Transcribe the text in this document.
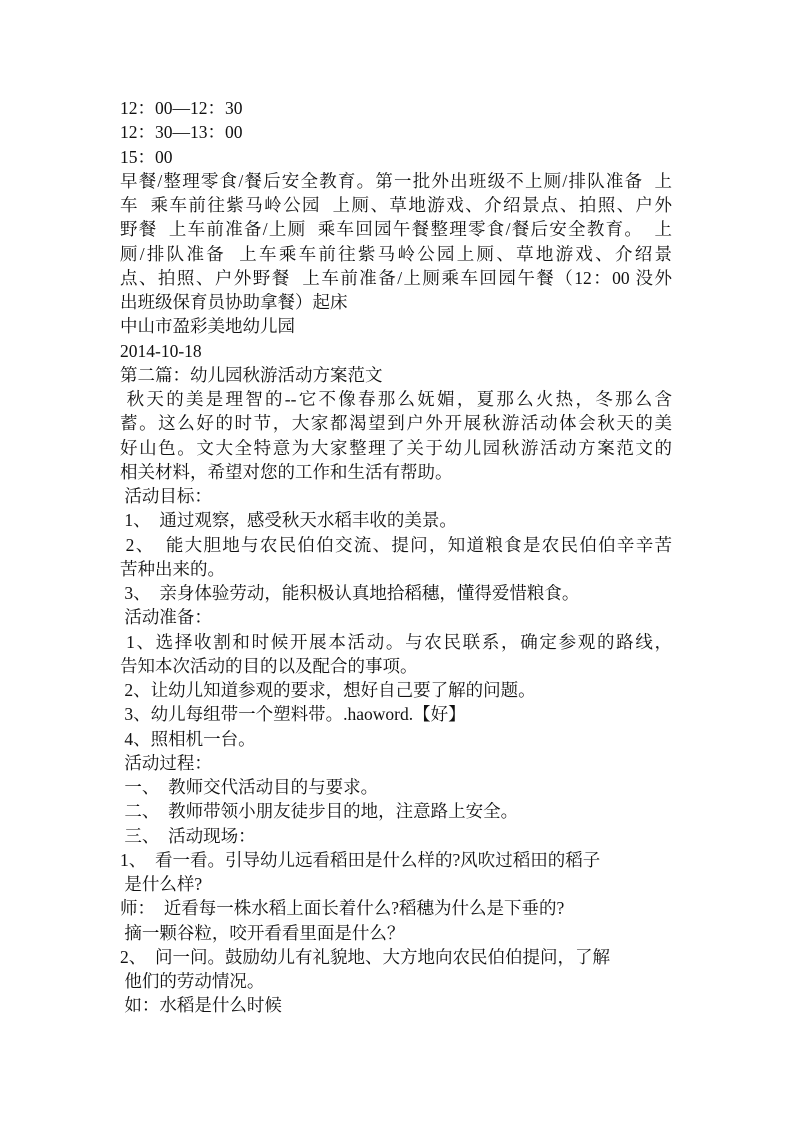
12：00—12：30
12：30—13：00
15：00
早餐/整理零食/餐后安全教育。第一批外出班级不上厕/排队准备  上
车  乘车前往紫马岭公园  上厕、草地游戏、介绍景点、拍照、户外
野餐  上车前准备/上厕  乘车回园午餐整理零食/餐后安全教育。  上
厕/排队准备  上车乘车前往紫马岭公园上厕、草地游戏、介绍景
点、拍照、户外野餐  上车前准备/上厕乘车回园午餐（12：00 没外
出班级保育员协助拿餐）起床
中山市盈彩美地幼儿园
2014-10-18
第二篇：幼儿园秋游活动方案范文
秋天的美是理智的--它不像春那么妩媚，夏那么火热，冬那么含
蓄。这么好的时节，大家都渴望到户外开展秋游活动体会秋天的美
好山色。文大全特意为大家整理了关于幼儿园秋游活动方案范文的
相关材料，希望对您的工作和生活有帮助。
活动目标：
1、  通过观察，感受秋天水稻丰收的美景。
2、  能大胆地与农民伯伯交流、提问，知道粮食是农民伯伯辛辛苦
苦种出来的。
3、  亲身体验劳动，能积极认真地拾稻穗，懂得爱惜粮食。
活动准备：
1、选择收割和时候开展本活动。与农民联系，确定参观的路线，
告知本次活动的目的以及配合的事项。
2、让幼儿知道参观的要求，想好自己要了解的问题。
3、幼儿每组带一个塑料带。.haoword.【好】
4、照相机一台。
活动过程：
一、  教师交代活动目的与要求。
二、  教师带领小朋友徒步目的地，注意路上安全。
三、  活动现场：
1、  看一看。引导幼儿远看稻田是什么样的?风吹过稻田的稻子
是什么样?
师：  近看每一株水稻上面长着什么?稻穗为什么是下垂的?
摘一颗谷粒，咬开看看里面是什么？
2、  问一问。鼓励幼儿有礼貌地、大方地向农民伯伯提问，了解
他们的劳动情况。
如：水稻是什么时候
